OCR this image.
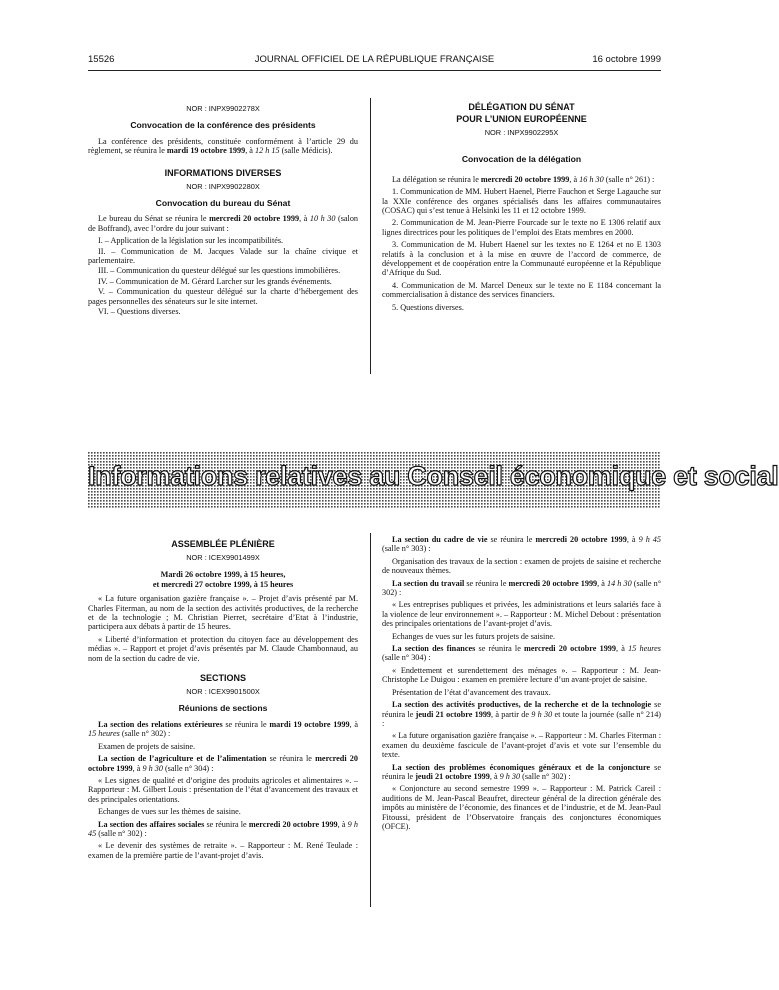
15526	JOURNAL OFFICIEL DE LA RÉPUBLIQUE FRANÇAISE	16 octobre 1999
NOR : INPX9902278X
Convocation de la conférence des présidents

La conférence des présidents, constituée conformément à l’article 29 du règlement, se réunira le mardi 19 octobre 1999, à 12 h 15 (salle Médicis).

INFORMATIONS DIVERSES
NOR : INPX9902280X
Convocation du bureau du Sénat

Le bureau du Sénat se réunira le mercredi 20 octobre 1999, à 10 h 30 (salon de Boffrand), avec l’ordre du jour suivant :

I. – Application de la législation sur les incompatibilités.

II. – Communication de M. Jacques Valade sur la chaîne civique et parlementaire.

III. – Communication du questeur délégué sur les questions immobilières.

IV. – Communication de M. Gérard Larcher sur les grands événements.

V. – Communication du questeur délégué sur la charte d’hébergement des pages personnelles des sénateurs sur le site internet.

VI. – Questions diverses.

DÉLÉGATION DU SÉNAT
POUR L’UNION EUROPÉENNE
NOR : INPX9902295X
Convocation de la délégation

La délégation se réunira le mercredi 20 octobre 1999, à 16 h 30 (salle n° 261) :

1. Communication de MM. Hubert Haenel, Pierre Fauchon et Serge Lagauche sur la XXIe conférence des organes spécialisés dans les affaires communautaires (COSAC) qui s’est tenue à Helsinki les 11 et 12 octobre 1999.

2. Communication de M. Jean-Pierre Fourcade sur le texte no E 1306 relatif aux lignes directrices pour les politiques de l’emploi des Etats membres en 2000.

3. Communication de M. Hubert Haenel sur les textes no E 1264 et no E 1303 relatifs à la conclusion et à la mise en œuvre de l’accord de commerce, de développement et de coopération entre la Communauté européenne et la République d’Afrique du Sud.

4. Communication de M. Marcel Deneux sur le texte no E 1184 concernant la commercialisation à distance des services financiers.

5. Questions diverses.

Informations relatives au Conseil économique et social
ASSEMBLÉE PLÉNIÈRE
NOR : ICEX9901499X
Mardi 26 octobre 1999, à 15 heures,
et mercredi 27 octobre 1999, à 15 heures

« La future organisation gazière française ». – Projet d’avis présenté par M. Charles Fiterman, au nom de la section des activités productives, de la recherche et de la technologie ; M. Christian Pierret, secrétaire d’Etat à l’industrie, participera aux débats à partir de 15 heures.

« Liberté d’information et protection du citoyen face au développement des médias ». – Rapport et projet d’avis présentés par M. Claude Chambonnaud, au nom de la section du cadre de vie.

SECTIONS
NOR : ICEX9901500X
Réunions de sections

La section des relations extérieures se réunira le mardi 19 octobre 1999, à 15 heures (salle n° 302) :

Examen de projets de saisine.

La section de l’agriculture et de l’alimentation se réunira le mercredi 20 octobre 1999, à 9 h 30 (salle n° 304) :

« Les signes de qualité et d’origine des produits agricoles et alimentaires ». – Rapporteur : M. Gilbert Louis : présentation de l’état d’avancement des travaux et des principales orientations.

Echanges de vues sur les thèmes de saisine.

La section des affaires sociales se réunira le mercredi 20 octobre 1999, à 9 h 45 (salle n° 302) :

« Le devenir des systèmes de retraite ». – Rapporteur : M. René Teulade : examen de la première partie de l’avant-projet d’avis.

La section du cadre de vie se réunira le mercredi 20 octobre 1999, à 9 h 45 (salle n° 303) :

Organisation des travaux de la section : examen de projets de saisine et recherche de nouveaux thèmes.

La section du travail se réunira le mercredi 20 octobre 1999, à 14 h 30 (salle n° 302) :

« Les entreprises publiques et privées, les administrations et leurs salariés face à la violence de leur environnement ». – Rapporteur : M. Michel Debout : présentation des principales orientations de l’avant-projet d’avis.

Echanges de vues sur les futurs projets de saisine.

La section des finances se réunira le mercredi 20 octobre 1999, à 15 heures (salle n° 304) :

« Endettement et surendettement des ménages ». – Rapporteur : M. Jean-Christophe Le Duigou : examen en première lecture d’un avant-projet de saisine.

Présentation de l’état d’avancement des travaux.

La section des activités productives, de la recherche et de la technologie se réunira le jeudi 21 octobre 1999, à partir de 9 h 30 et toute la journée (salle n° 214) :

« La future organisation gazière française ». – Rapporteur : M. Charles Fiterman : examen du deuxième fascicule de l’avant-projet d’avis et vote sur l’ensemble du texte.

La section des problèmes économiques généraux et de la conjoncture se réunira le jeudi 21 octobre 1999, à 9 h 30 (salle n° 302) :

« Conjoncture au second semestre 1999 ». – Rapporteur : M. Patrick Careil : auditions de M. Jean-Pascal Beaufret, directeur général de la direction générale des impôts au ministère de l’économie, des finances et de l’industrie, et de M. Jean-Paul Fitoussi, président de l’Observatoire français des conjonctures économiques (OFCE).
